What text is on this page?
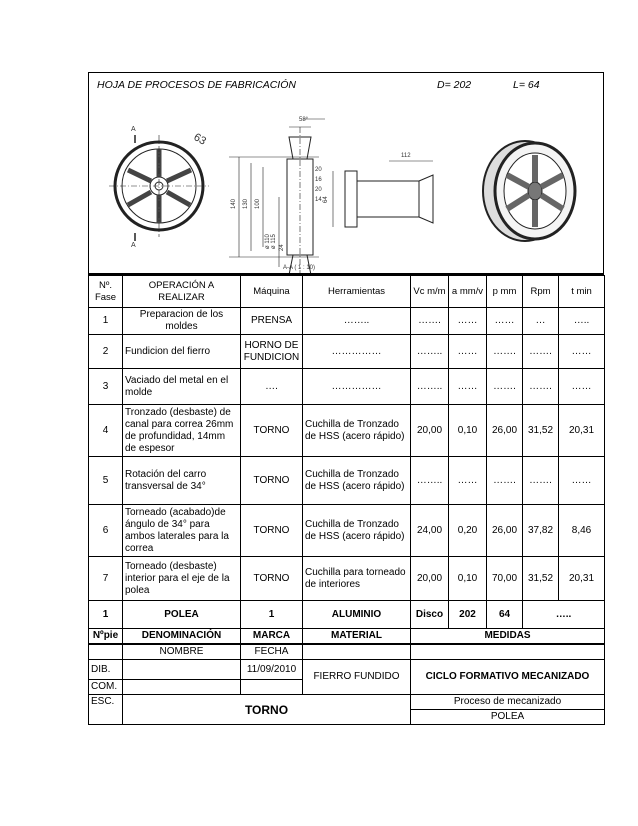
HOJA DE PROCESOS DE FABRICACIÓN	D= 202	L= 64
58°
63
112
64
A
A
A-A ( 1 : 10)
140 130 100
20
16
ø 110 ø 115 24
20
14
Nº. Fase	OPERACIÓN A REALIZAR	Máquina	Herramientas	Vc m/m	a mm/v	p mm	Rpm	t min
1	Preparacion de los moldes	PRENSA	……..	…….	……	……	…	…..
2	Fundicion del fierro	HORNO DE FUNDICION	……………	……..	……	…….	…….	……
3	Vaciado del metal en el molde	….	……………	……..	……	…….	…….	……
4	Tronzado (desbaste) de canal para correa 26mm de profundidad, 14mm de espesor	TORNO	Cuchilla de Tronzado de HSS (acero rápido)	20,00	0,10	26,00	31,52	20,31
5	Rotación del carro transversal de 34°	TORNO	Cuchilla de Tronzado de HSS (acero rápido)	……..	……	…….	…….	……
6	Torneado (acabado)de ángulo de 34° para ambos laterales para la correa	TORNO	Cuchilla de Tronzado de HSS (acero rápido)	24,00	0,20	26,00	37,82	8,46
7	Torneado (desbaste) interior para el eje de la polea	TORNO	Cuchilla para torneado de interiores	20,00	0,10	70,00	31,52	20,31
1	POLEA	1	ALUMINIO	Disco	202	64	…..	
Nºpie	DENOMINACIÓN	MARCA	MATERIAL	MEDIDAS				
	NOMBRE	FECHA		
DIB.		11/09/2010	FIERRO FUNDIDO	CICLO FORMATIVO MECANIZADO
COM.				
ESC.	TORNO			Proceso de mecanizado
				POLEA
